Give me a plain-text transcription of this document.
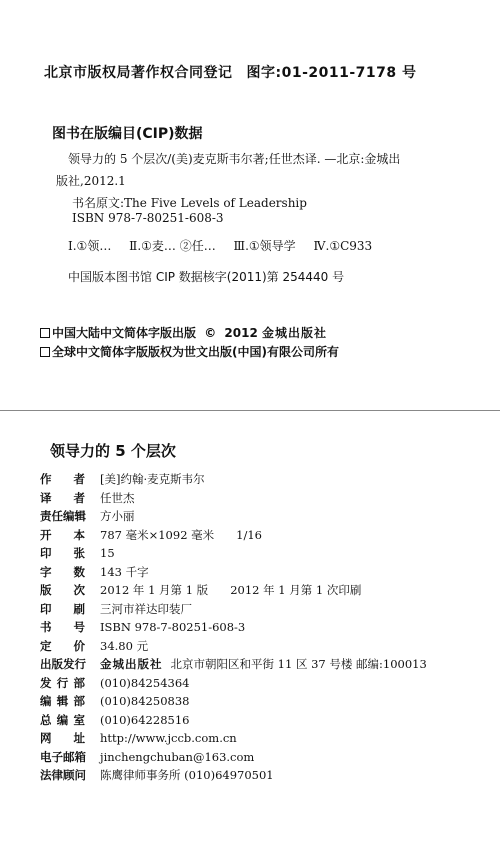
北京市版权局著作权合同登记 图字:01-2011-7178 号
图书在版编目(CIP)数据
领导力的 5 个层次/(美)麦克斯韦尔著;任世杰译. —北京:金城出
版社,2012.1
书名原文:The Five Levels of Leadership
ISBN 978-7-80251-608-3
Ⅰ.①领… Ⅱ.①麦… ②任… Ⅲ.①领导学 Ⅳ.①C933
中国版本图书馆 CIP 数据核字(2011)第 254440 号
中国大陆中文简体字版出版 © 2012 金城出版社
全球中文简体字版版权为世文出版(中国)有限公司所有
领导力的 5 个层次
作 者 [美]约翰·麦克斯韦尔
译 者 任世杰
责任编辑	方小丽
开 本 787 毫米×1092 毫米 1/16
印 张 15
字 数 143 千字
版 次 2012 年 1 月第 1 版 2012 年 1 月第 1 次印刷
印 刷 三河市祥达印装厂
书 号 ISBN 978-7-80251-608-3
定 价 34.80 元
出版发行	金城出版社 北京市朝阳区和平街 11 区 37 号楼 邮编:100013
发 行 部 (010)84254364
编 辑 部 (010)84250838
总 编 室 (010)64228516
网 址 http://www.jccb.com.cn
电子邮箱	jinchengchuban@163.com
法律顾问	陈鹰律师事务所 (010)64970501
